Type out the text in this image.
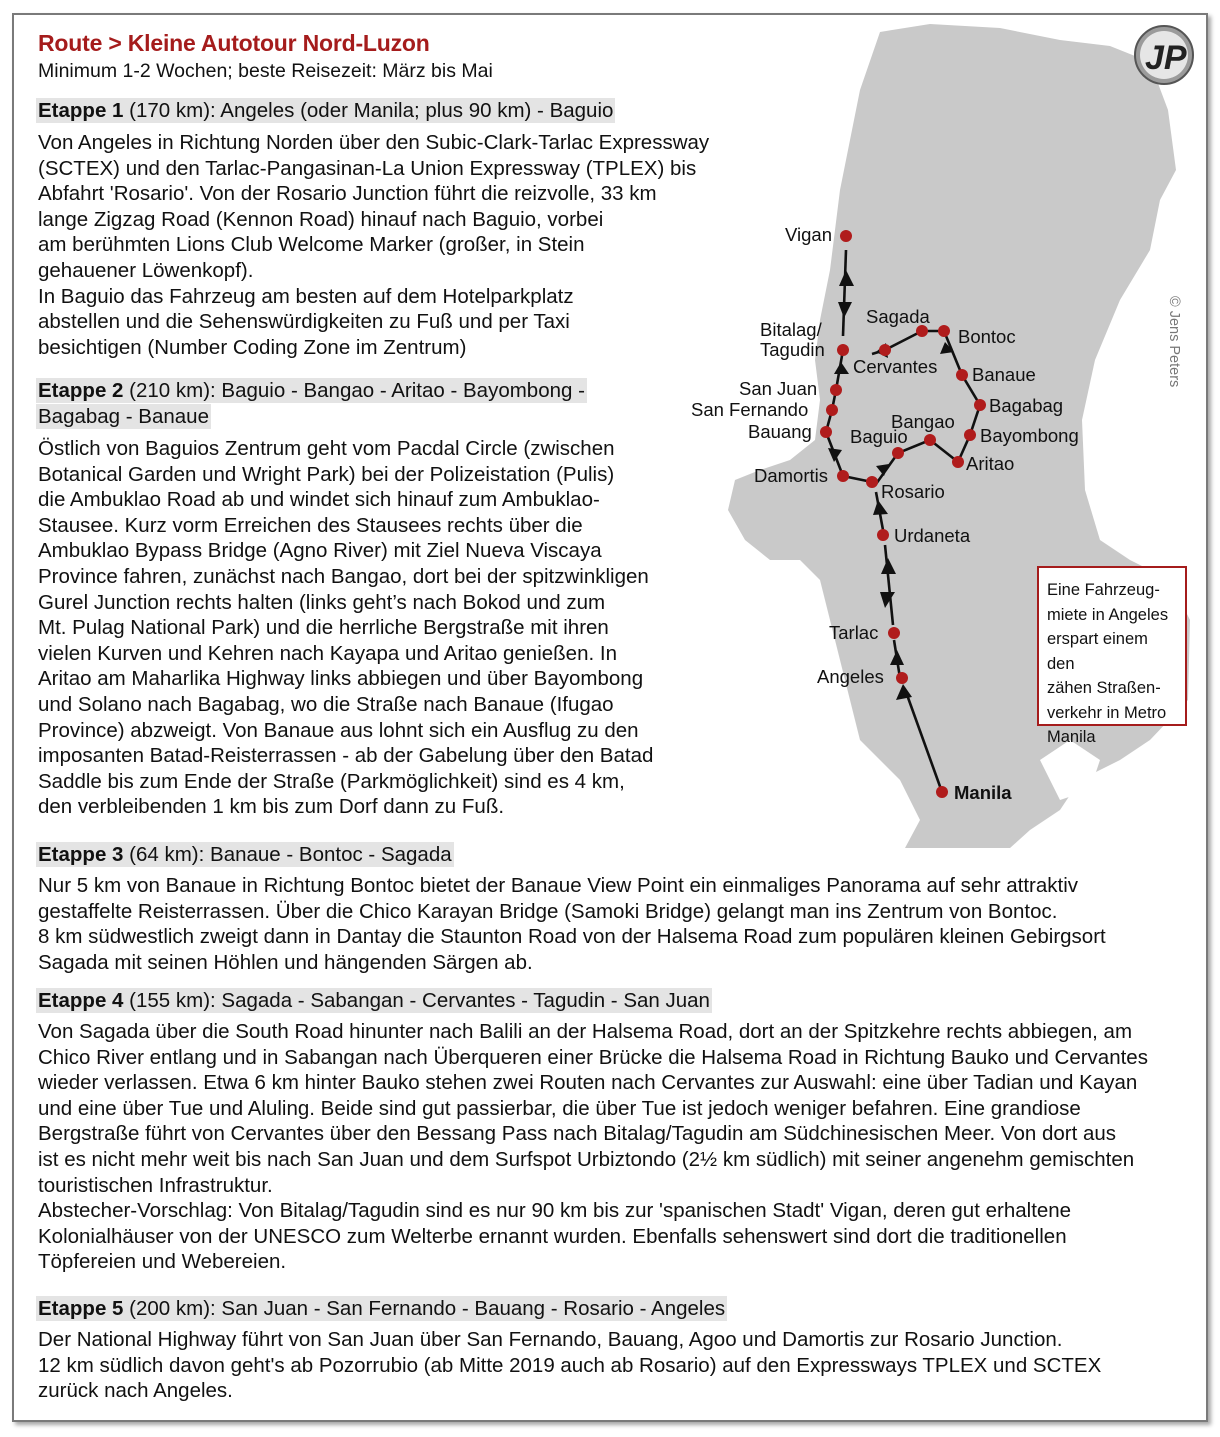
Vigan
Bitalag/
Tagudin
Sagada
Bontoc
Cervantes Banaue
San Juan
San Fernando	Bagabag
Bangao
Bauang Baguio	Bayombong
Aritao
Damortis
Rosario
Urdaneta
Tarlac
Angeles
Manila
JP
Route > Kleine Autotour Nord-Luzon
Minimum 1-2 Wochen; beste Reisezeit: März bis Mai
Etappe 1 (170 km): Angeles (oder Manila; plus 90 km) - Baguio

Von Angeles in Richtung Norden über den Subic-Clark-Tarlac Expressway

(SCTEX) und den Tarlac-Pangasinan-La Union Expressway (TPLEX) bis

Abfahrt 'Rosario'. Von der Rosario Junction führt die reizvolle, 33 km

lange Zigzag Road (Kennon Road) hinauf nach Baguio, vorbei

am berühmten Lions Club Welcome Marker (großer, in Stein

gehauener Löwenkopf).

In Baguio das Fahrzeug am besten auf dem Hotelparkplatz

abstellen und die Sehenswürdigkeiten zu Fuß und per Taxi

besichtigen (Number Coding Zone im Zentrum)

Etappe 2 (210 km): Baguio - Bangao - Aritao - Bayombong -
Bagabag - Banaue

Östlich von Baguios Zentrum geht vom Pacdal Circle (zwischen

Botanical Garden und Wright Park) bei der Polizeistation (Pulis)

die Ambuklao Road ab und windet sich hinauf zum Ambuklao-

Stausee. Kurz vorm Erreichen des Stausees rechts über die

Ambuklao Bypass Bridge (Agno River) mit Ziel Nueva Viscaya

Province fahren, zunächst nach Bangao, dort bei der spitzwinkligen

Gurel Junction rechts halten (links geht’s nach Bokod und zum

Mt. Pulag National Park) und die herrliche Bergstraße mit ihren

vielen Kurven und Kehren nach Kayapa und Aritao genießen. In

Aritao am Maharlika Highway links abbiegen und über Bayombong

und Solano nach Bagabag, wo die Straße nach Banaue (Ifugao

Province) abzweigt. Von Banaue aus lohnt sich ein Ausflug zu den

imposanten Batad-Reisterrassen - ab der Gabelung über den Batad

Saddle bis zum Ende der Straße (Parkmöglichkeit) sind es 4 km,

den verbleibenden 1 km bis zum Dorf dann zu Fuß.

Etappe 3 (64 km): Banaue - Bontoc - Sagada

Nur 5 km von Banaue in Richtung Bontoc bietet der Banaue View Point ein einmaliges Panorama auf sehr attraktiv

gestaffelte Reisterrassen. Über die Chico Karayan Bridge (Samoki Bridge) gelangt man ins Zentrum von Bontoc.

8 km südwestlich zweigt dann in Dantay die Staunton Road von der Halsema Road zum populären kleinen Gebirgsort

Sagada mit seinen Höhlen und hängenden Särgen ab.

Etappe 4 (155 km): Sagada - Sabangan - Cervantes - Tagudin - San Juan

Von Sagada über die South Road hinunter nach Balili an der Halsema Road, dort an der Spitzkehre rechts abbiegen, am

Chico River entlang und in Sabangan nach Überqueren einer Brücke die Halsema Road in Richtung Bauko und Cervantes

wieder verlassen. Etwa 6 km hinter Bauko stehen zwei Routen nach Cervantes zur Auswahl: eine über Tadian und Kayan

und eine über Tue und Aluling. Beide sind gut passierbar, die über Tue ist jedoch weniger befahren. Eine grandiose

Bergstraße führt von Cervantes über den Bessang Pass nach Bitalag/Tagudin am Südchinesischen Meer. Von dort aus

ist es nicht mehr weit bis nach San Juan und dem Surfspot Urbiztondo (2½ km südlich) mit seiner angenehm gemischten

touristischen Infrastruktur.

Abstecher-Vorschlag: Von Bitalag/Tagudin sind es nur 90 km bis zur 'spanischen Stadt' Vigan, deren gut erhaltene

Kolonialhäuser von der UNESCO zum Welterbe ernannt wurden. Ebenfalls sehenswert sind dort die traditionellen

Töpfereien und Webereien.

Etappe 5 (200 km): San Juan - San Fernando - Bauang - Rosario - Angeles

Der National Highway führt von San Juan über San Fernando, Bauang, Agoo und Damortis zur Rosario Junction.

12 km südlich davon geht's ab Pozorrubio (ab Mitte 2019 auch ab Rosario) auf den Expressways TPLEX und SCTEX

zurück nach Angeles.

Eine Fahrzeug-
miete in Angeles
erspart einem den
zähen Straßen-
verkehr in Metro
Manila
© Jens Peters
